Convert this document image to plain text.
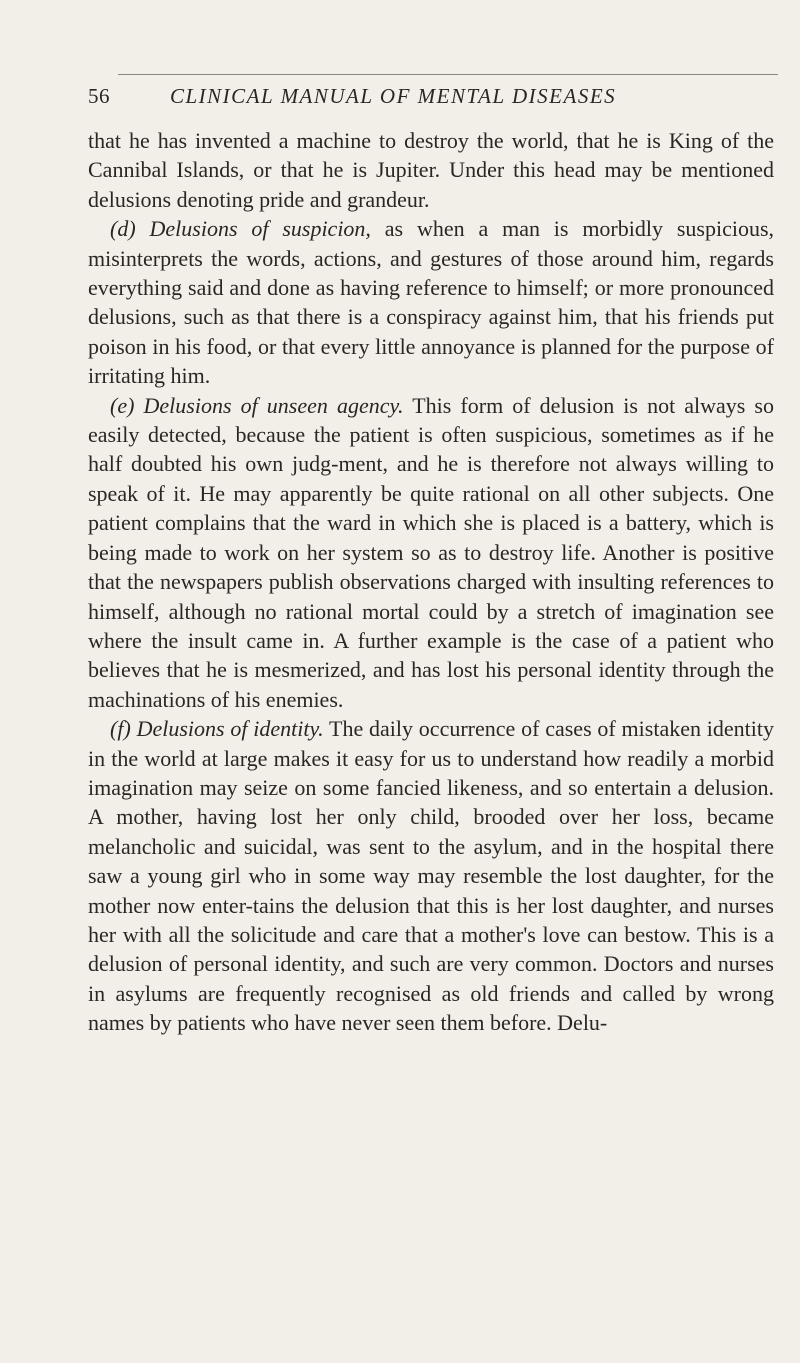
56	CLINICAL MANUAL OF MENTAL DISEASES

that he has invented a machine to destroy the world, that he is King of the Cannibal Islands, or that he is Jupiter. Under this head may be mentioned delusions denoting pride and grandeur.

(d) Delusions of suspicion, as when a man is morbidly suspicious, misinterprets the words, actions, and gestures of those around him, regards everything said and done as having reference to himself; or more pronounced delusions, such as that there is a conspiracy against him, that his friends put poison in his food, or that every little annoyance is planned for the purpose of irritating him.

(e) Delusions of unseen agency. This form of delusion is not always so easily detected, because the patient is often suspicious, sometimes as if he half doubted his own judg-ment, and he is therefore not always willing to speak of it. He may apparently be quite rational on all other subjects. One patient complains that the ward in which she is placed is a battery, which is being made to work on her system so as to destroy life. Another is positive that the newspapers publish observations charged with insulting references to himself, although no rational mortal could by a stretch of imagination see where the insult came in. A further example is the case of a patient who believes that he is mesmerized, and has lost his personal identity through the machinations of his enemies.

(f) Delusions of identity. The daily occurrence of cases of mistaken identity in the world at large makes it easy for us to understand how readily a morbid imagination may seize on some fancied likeness, and so entertain a delusion. A mother, having lost her only child, brooded over her loss, became melancholic and suicidal, was sent to the asylum, and in the hospital there saw a young girl who in some way may resemble the lost daughter, for the mother now enter-tains the delusion that this is her lost daughter, and nurses her with all the solicitude and care that a mother's love can bestow. This is a delusion of personal identity, and such are very common. Doctors and nurses in asylums are frequently recognised as old friends and called by wrong names by patients who have never seen them before. Delu-
